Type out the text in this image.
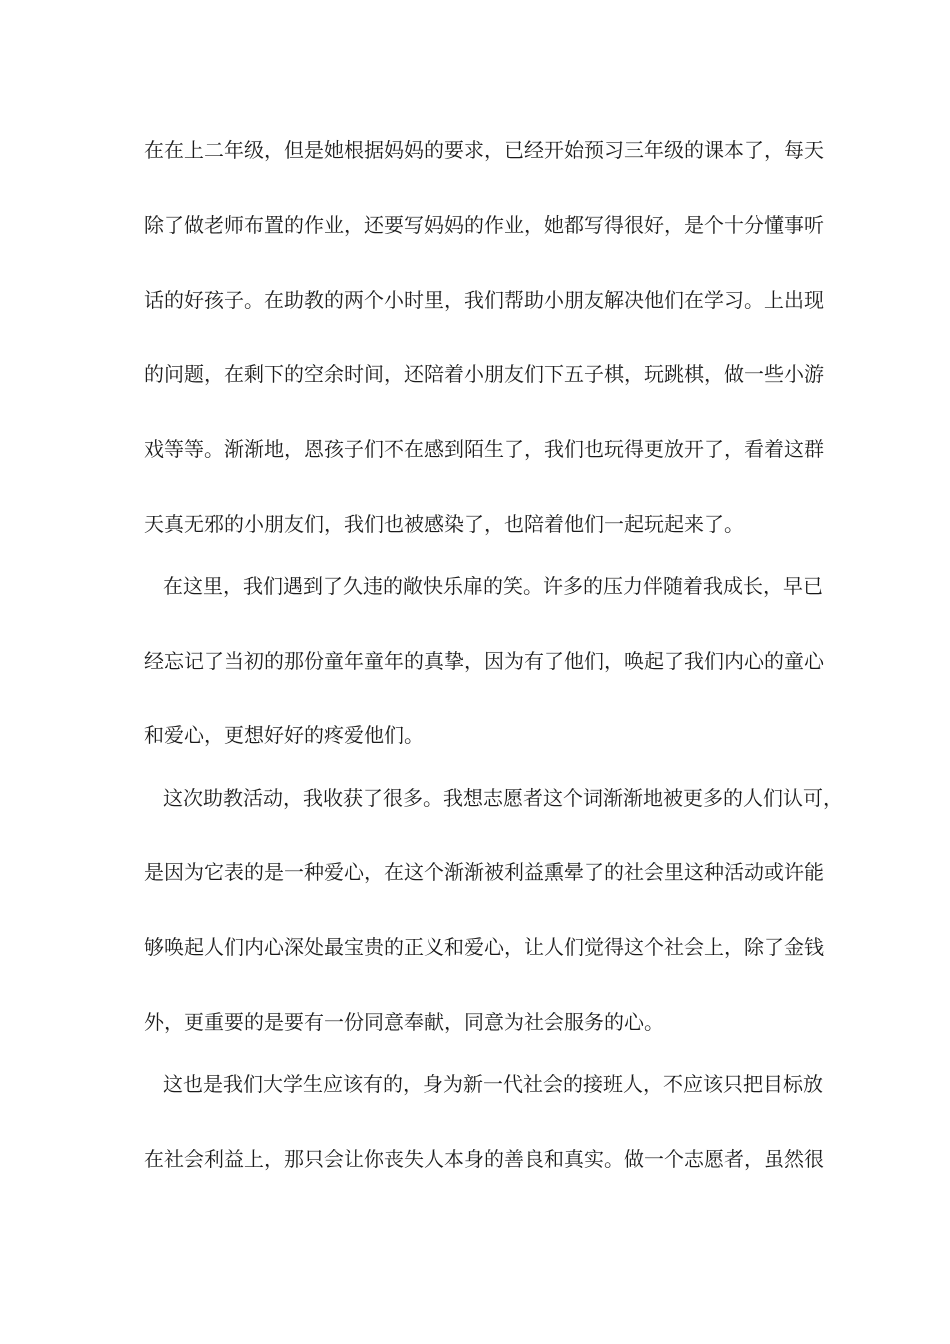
在在上二年级，但是她根据妈妈的要求，已经开始预习三年级的课本了，每天
除了做老师布置的作业，还要写妈妈的作业，她都写得很好，是个十分懂事听
话的好孩子。在助教的两个小时里，我们帮助小朋友解决他们在学习。上出现
的问题，在剩下的空余时间，还陪着小朋友们下五子棋，玩跳棋，做一些小游
戏等等。渐渐地，恩孩子们不在感到陌生了，我们也玩得更放开了，看着这群
天真无邪的小朋友们，我们也被感染了，也陪着他们一起玩起来了。
在这里，我们遇到了久违的敞快乐扉的笑。许多的压力伴随着我成长，早已
经忘记了当初的那份童年童年的真挚，因为有了他们，唤起了我们内心的童心
和爱心，更想好好的疼爱他们。
这次助教活动，我收获了很多。我想志愿者这个词渐渐地被更多的人们认可，
是因为它表的是一种爱心，在这个渐渐被利益熏晕了的社会里这种活动或许能
够唤起人们内心深处最宝贵的正义和爱心，让人们觉得这个社会上，除了金钱
外，更重要的是要有一份同意奉献，同意为社会服务的心。
这也是我们大学生应该有的，身为新一代社会的接班人，不应该只把目标放
在社会利益上，那只会让你丧失人本身的善良和真实。做一个志愿者，虽然很
